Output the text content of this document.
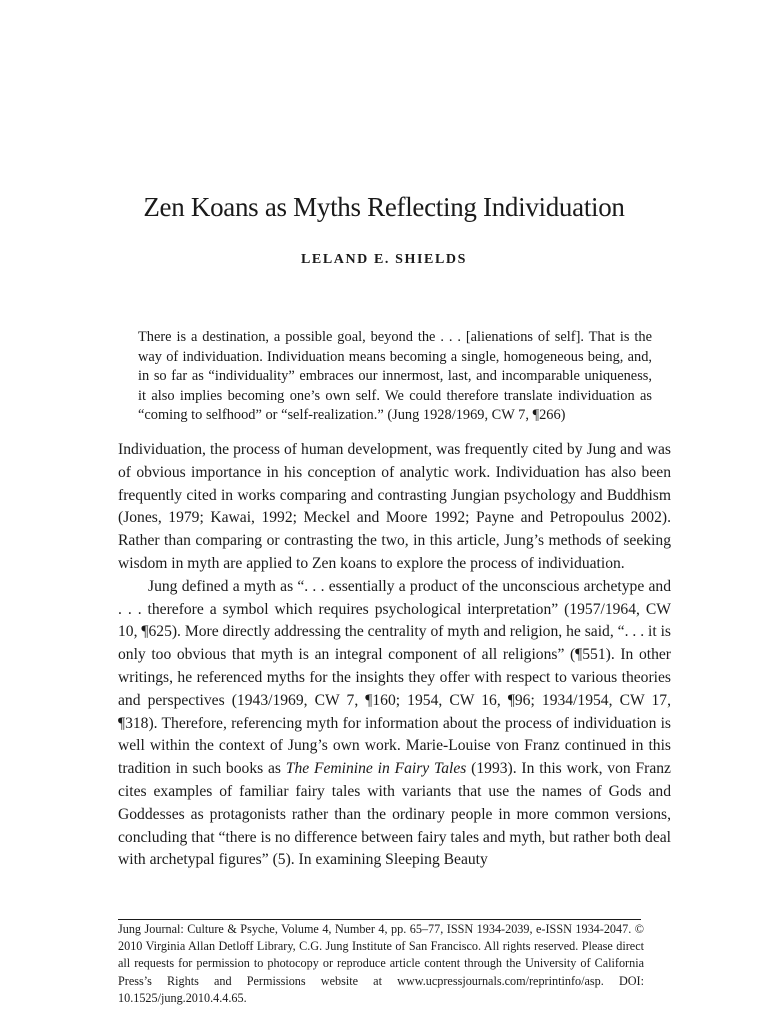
Zen Koans as Myths Reflecting Individuation
LELAND E. SHIELDS

There is a destination, a possible goal, beyond the . . . [alienations of self]. That is the way of individuation. Individuation means becoming a single, homogeneous being, and, in so far as “individuality” embraces our innermost, last, and incomparable uniqueness, it also implies becoming one’s own self. We could therefore translate individuation as “coming to selfhood” or “self-realization.” (Jung 1928/1969, CW 7, ¶266)

Individuation, the process of human development, was frequently cited by Jung and was of obvious importance in his conception of analytic work. Individuation has also been frequently cited in works comparing and contrasting Jungian psychology and Buddhism (Jones, 1979; Kawai, 1992; Meckel and Moore 1992; Payne and Petropoulus 2002). Rather than comparing or contrasting the two, in this article, Jung’s methods of seeking wisdom in myth are applied to Zen koans to explore the process of individuation.

Jung defined a myth as “. . . essentially a product of the unconscious archetype and . . . therefore a symbol which requires psychological interpretation” (1957/1964, CW 10, ¶625). More directly addressing the centrality of myth and religion, he said, “. . . it is only too obvious that myth is an integral component of all religions” (¶551). In other writings, he referenced myths for the insights they offer with respect to various theories and perspectives (1943/1969, CW 7, ¶160; 1954, CW 16, ¶96; 1934/1954, CW 17, ¶318). Therefore, referencing myth for information about the process of individuation is well within the context of Jung’s own work. Marie-Louise von Franz continued in this tradition in such books as The Feminine in Fairy Tales (1993). In this work, von Franz cites examples of familiar fairy tales with variants that use the names of Gods and Goddesses as protagonists rather than the ordinary people in more common versions, concluding that “there is no difference between fairy tales and myth, but rather both deal with archetypal figures” (5). In examining Sleeping Beauty

Jung Journal: Culture & Psyche, Volume 4, Number 4, pp. 65–77, ISSN 1934-2039, e-ISSN 1934-2047. © 2010 Virginia Allan Detloff Library, C.G. Jung Institute of San Francisco. All rights reserved. Please direct all requests for permission to photocopy or reproduce article content through the University of California Press’s Rights and Permissions website at www.ucpressjournals.com/reprintinfo/asp. DOI: 10.1525/jung.2010.4.4.65.
